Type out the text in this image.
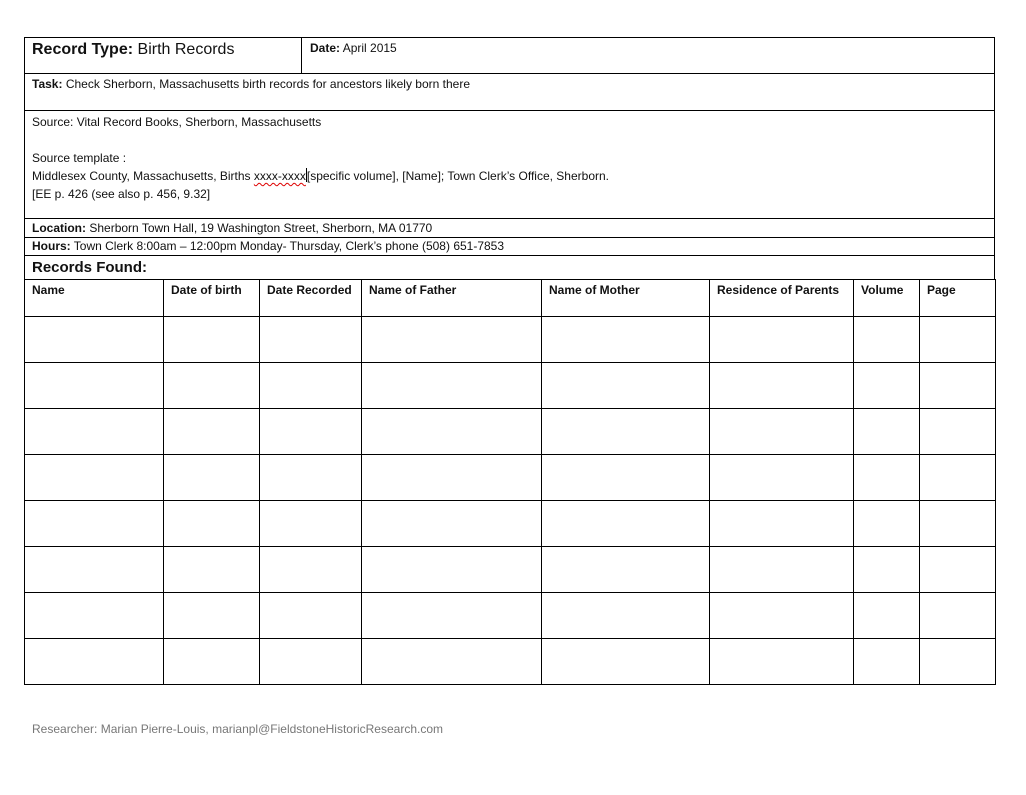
Record Type: Birth Records	Date: April 2015
Task: Check Sherborn, Massachusetts birth records for ancestors likely born there

Source: Vital Record Books, Sherborn, Massachusetts

Source template :

Middlesex County, Massachusetts, Births xxxx-xxxx[specific volume], [Name]; Town Clerk’s Office, Sherborn.

[EE p. 426 (see also p. 456, 9.32]

Location: Sherborn Town Hall, 19 Washington Street, Sherborn, MA 01770
Hours: Town Clerk 8:00am – 12:00pm Monday- Thursday, Clerk’s phone (508) 651-7853
Records Found:
Name	Date of birth	Date Recorded	Name of Father	Name of Mother	Residence of Parents	Volume	Page

Researcher: Marian Pierre-Louis, marianpl@FieldstoneHistoricResearch.com
